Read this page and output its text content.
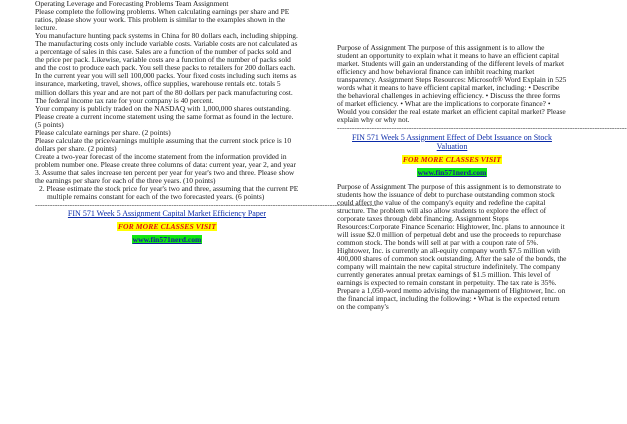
Operating Leverage and Forecasting Problems Team Assignment

Please complete the following problems. When calculating earnings per share and PE ratios, please show your work. This problem is similar to the examples shown in the lecture.

You manufacture hunting pack systems in China for 80 dollars each, including shipping. The manufacturing costs only include variable costs. Variable costs are not calculated as a percentage of sales in this case. Sales are a function of the number of packs sold and the price per pack. Likewise, variable costs are a function of the number of packs sold and the cost to produce each pack. You sell these packs to retailers for 200 dollars each. In the current year you will sell 100,000 packs. Your fixed costs including such items as insurance, marketing, travel, shows, office supplies, warehouse rentals etc. totals 5 million dollars this year and are not part of the 80 dollars per pack manufacturing cost. The federal income tax rate for your company is 40 percent.

Your company is publicly traded on the NASDAQ with 1,000,000 shares outstanding.

Please create a current income statement using the same format as found in the lecture. (5 points)

Please calculate earnings per share. (2 points)

Please calculate the price/earnings multiple assuming that the current stock price is 10 dollars per share. (2 points)

Create a two-year forecast of the income statement from the information provided in problem number one. Please create three columns of data: current year, year 2, and year 3. Assume that sales increase ten percent per year for year's two and three. Please show the earnings per share for each of the three years. (10 points)

2. Please estimate the stock price for year's two and three, assuming that the current PE multiple remains constant for each of the two forecasted years. (6 points)

------------------------------------------------------------------------------------------------------------------------------------------

FIN 571 Week 5 Assignment Capital Market Efficiency Paper

FOR MORE CLASSES VISIT
www.fin571nerd.com

Purpose of Assignment The purpose of this assignment is to allow the student an opportunity to explain what it means to have an efficient capital market. Students will gain an understanding of the different levels of market efficiency and how behavioral finance can inhibit reaching market transparency. Assignment Steps Resources: Microsoft® Word Explain in 525 words what it means to have efficient capital market, including: • Describe the behavioral challenges in achieving efficiency. • Discuss the three forms of market efficiency. • What are the implications to corporate finance? • Would you consider the real estate market an efficient capital market? Please explain why or why not.

---------------------------------------------------------------------------------------------------------------------

FIN 571 Week 5 Assignment Effect of Debt Issuance on Stock Valuation

FOR MORE CLASSES VISIT
www.fin571nerd.com

Purpose of Assignment The purpose of this assignment is to demonstrate to students how the issuance of debt to purchase outstanding common stock could affect the value of the company's equity and redefine the capital structure. The problem will also allow students to explore the effect of corporate taxes through debt financing. Assignment Steps Resources:Corporate Finance Scenario: Hightower, Inc. plans to announce it will issue $2.0 million of perpetual debt and use the proceeds to repurchase common stock. The bonds will sell at par with a coupon rate of 5%. Hightower, Inc. is currently an all-equity company worth $7.5 million with 400,000 shares of common stock outstanding. After the sale of the bonds, the company will maintain the new capital structure indefinitely. The company currently generates annual pretax earnings of $1.5 million. This level of earnings is expected to remain constant in perpetuity. The tax rate is 35%. Prepare a 1,050-word memo advising the management of Hightower, Inc. on the financial impact, including the following: • What is the expected return on the company's
